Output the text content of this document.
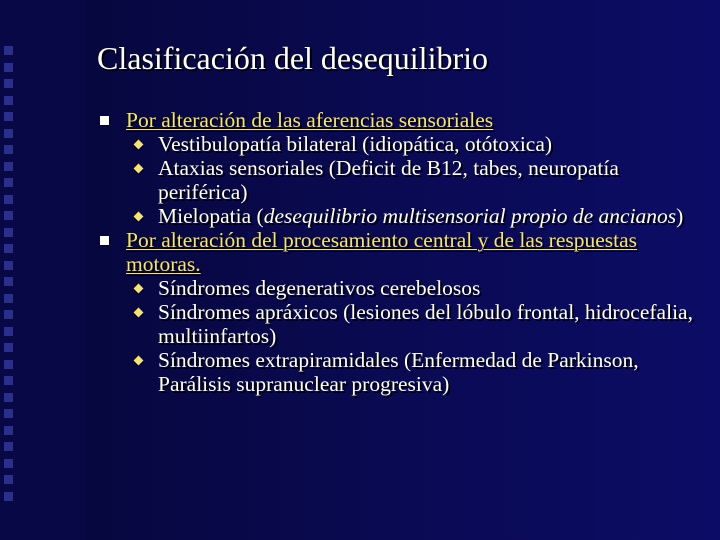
Clasificación del desequilibrio
Por alteración de las aferencias sensoriales
Vestibulopatía bilateral (idiopática, otótoxica)
Ataxias sensoriales (Deficit de B12, tabes, neuropatía periférica)
Mielopatia (desequilibrio multisensorial propio de ancianos)
Por alteración del procesamiento central y de las respuestas motoras.
Síndromes degenerativos cerebelosos
Síndromes apráxicos (lesiones del lóbulo frontal, hidrocefalia, multiinfartos)
Síndromes extrapiramidales (Enfermedad de Parkinson, Parálisis supranuclear progresiva)
